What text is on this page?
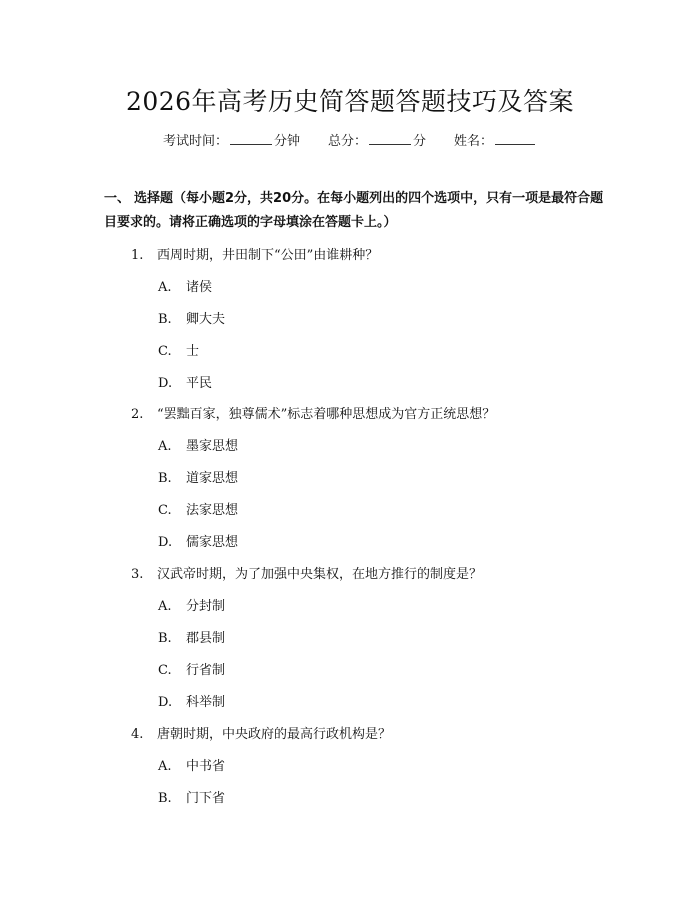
2026年高考历史简答题答题技巧及答案
考试时间：	分钟 总分：	分 姓名：
一、 选择题（每小题2分，共20分。在每小题列出的四个选项中，只有一项是最符合题目要求的。请将正确选项的字母填涂在答题卡上。）
1. 西周时期，井田制下“公田”由谁耕种？
A. 诸侯
B. 卿大夫
C. 士
D. 平民
2. “罢黜百家，独尊儒术”标志着哪种思想成为官方正统思想？
A. 墨家思想
B. 道家思想
C. 法家思想
D. 儒家思想
3. 汉武帝时期，为了加强中央集权，在地方推行的制度是？
A. 分封制
B. 郡县制
C. 行省制
D. 科举制
4. 唐朝时期，中央政府的最高行政机构是？
A. 中书省
B. 门下省
